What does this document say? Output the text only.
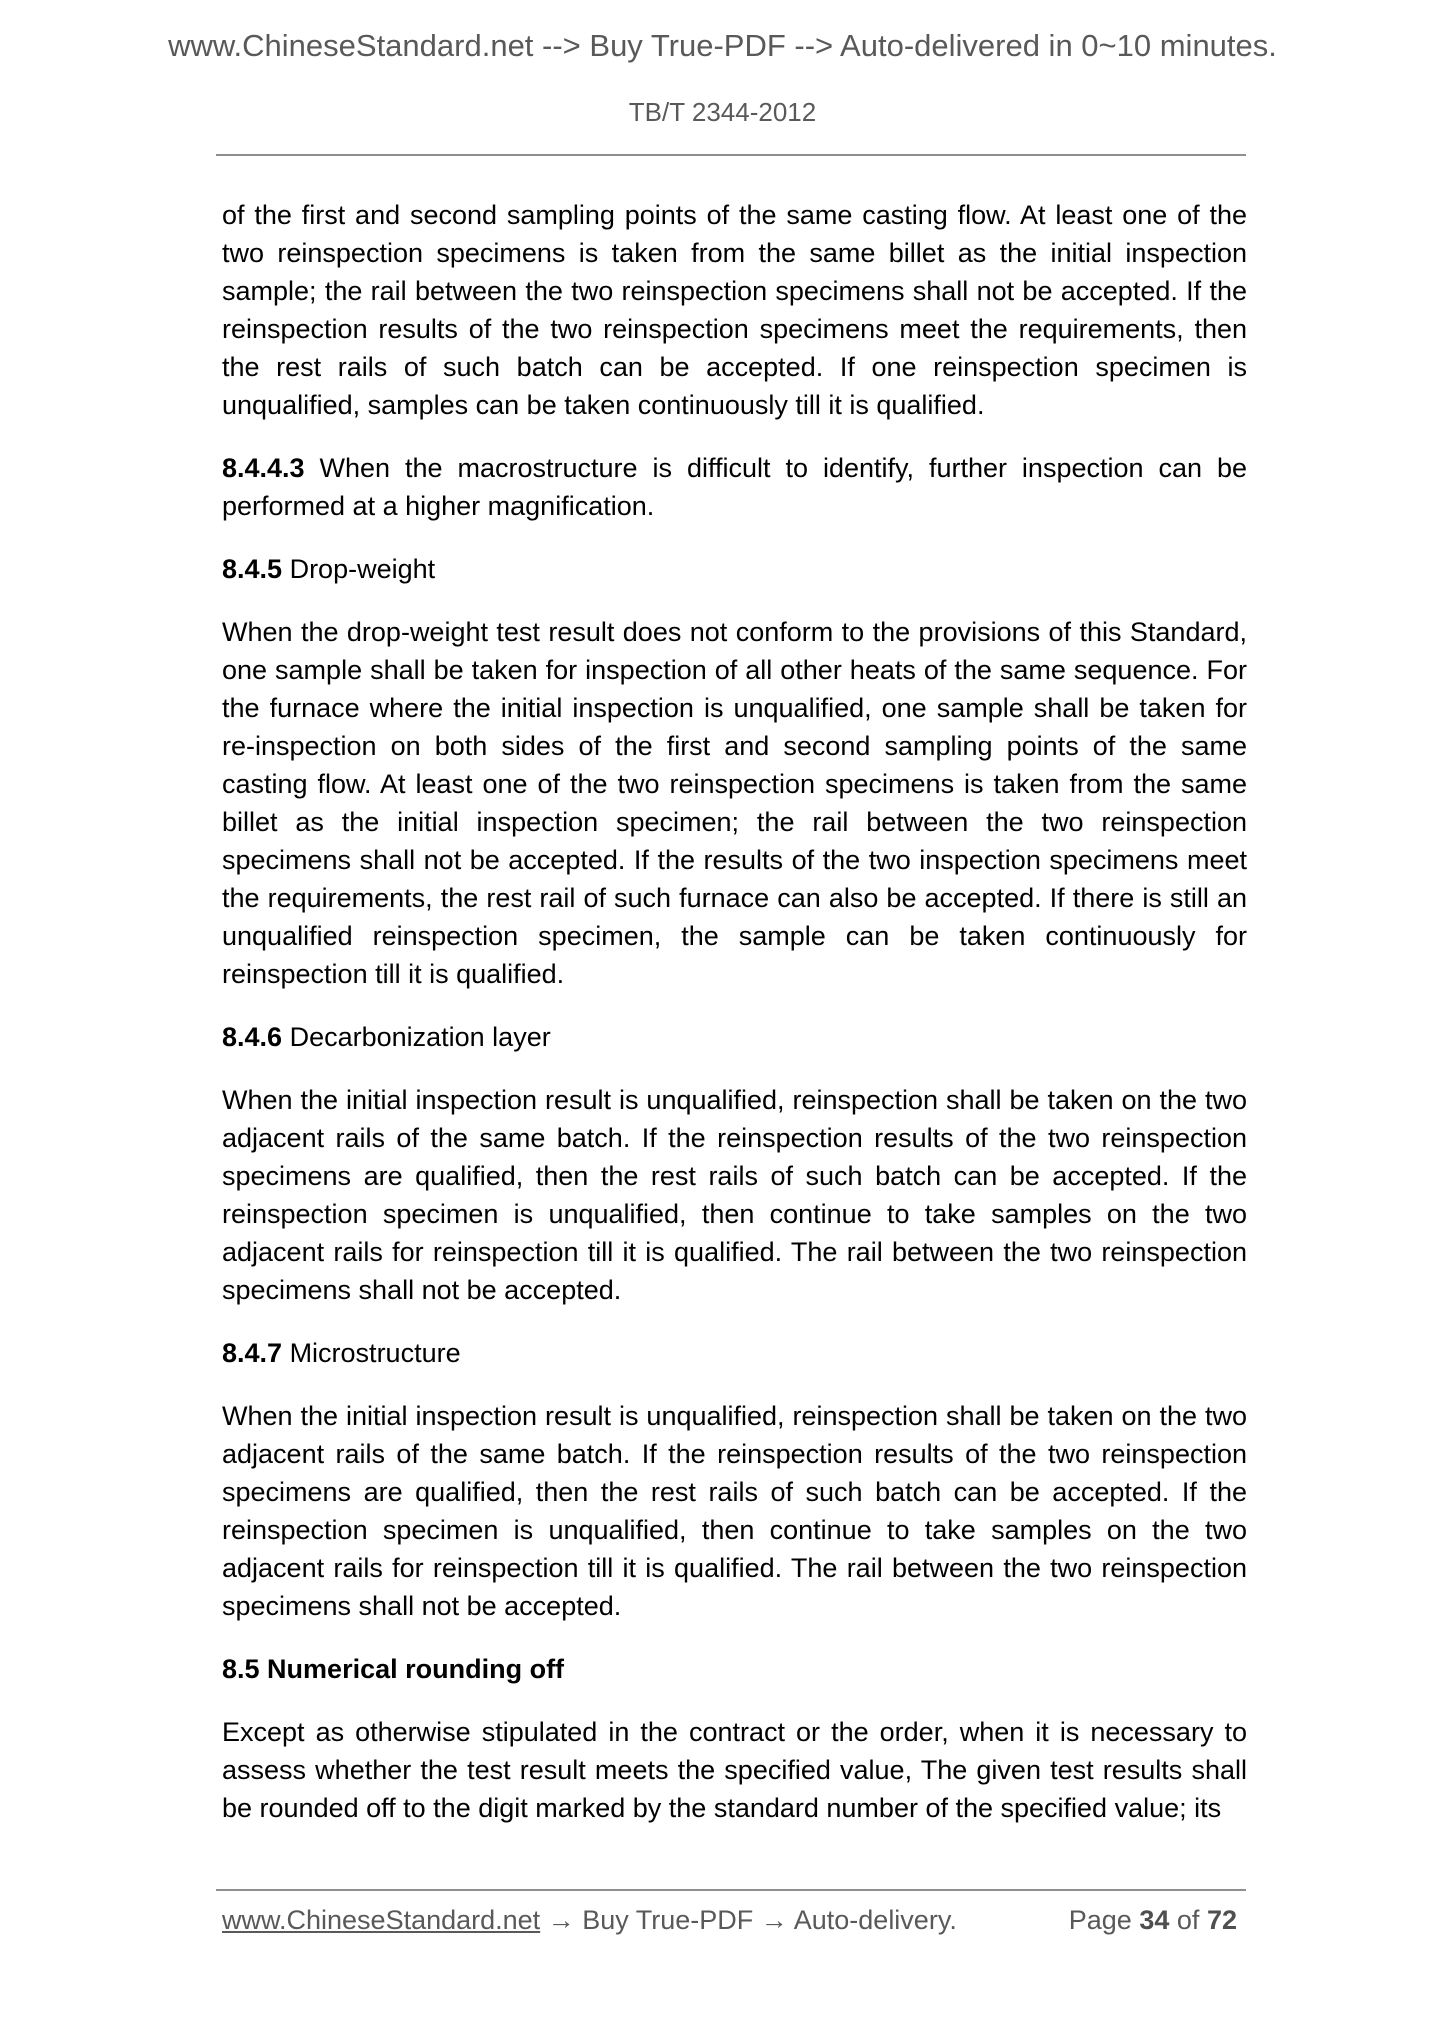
www.ChineseStandard.net --> Buy True-PDF --> Auto-delivered in 0~10 minutes.
TB/T 2344-2012

of the first and second sampling points of the same casting flow. At least one of the two reinspection specimens is taken from the same billet as the initial inspection sample; the rail between the two reinspection specimens shall not be accepted. If the reinspection results of the two reinspection specimens meet the requirements, then the rest rails of such batch can be accepted. If one reinspection specimen is unqualified, samples can be taken continuously till it is qualified.

8.4.4.3 When the macrostructure is difficult to identify, further inspection can be performed at a higher magnification.

8.4.5 Drop-weight

When the drop-weight test result does not conform to the provisions of this Standard, one sample shall be taken for inspection of all other heats of the same sequence. For the furnace where the initial inspection is unqualified, one sample shall be taken for re-inspection on both sides of the first and second sampling points of the same casting flow. At least one of the two reinspection specimens is taken from the same billet as the initial inspection specimen; the rail between the two reinspection specimens shall not be accepted. If the results of the two inspection specimens meet the requirements, the rest rail of such furnace can also be accepted. If there is still an unqualified reinspection specimen, the sample can be taken continuously for reinspection till it is qualified.

8.4.6 Decarbonization layer

When the initial inspection result is unqualified, reinspection shall be taken on the two adjacent rails of the same batch. If the reinspection results of the two reinspection specimens are qualified, then the rest rails of such batch can be accepted. If the reinspection specimen is unqualified, then continue to take samples on the two adjacent rails for reinspection till it is qualified. The rail between the two reinspection specimens shall not be accepted.

8.4.7 Microstructure

When the initial inspection result is unqualified, reinspection shall be taken on the two adjacent rails of the same batch. If the reinspection results of the two reinspection specimens are qualified, then the rest rails of such batch can be accepted. If the reinspection specimen is unqualified, then continue to take samples on the two adjacent rails for reinspection till it is qualified. The rail between the two reinspection specimens shall not be accepted.

8.5 Numerical rounding off

Except as otherwise stipulated in the contract or the order, when it is necessary to assess whether the test result meets the specified value, The given test results shall be rounded off to the digit marked by the standard number of the specified value; its

www.ChineseStandard.net → Buy True-PDF → Auto-delivery.	Page 34 of 72
